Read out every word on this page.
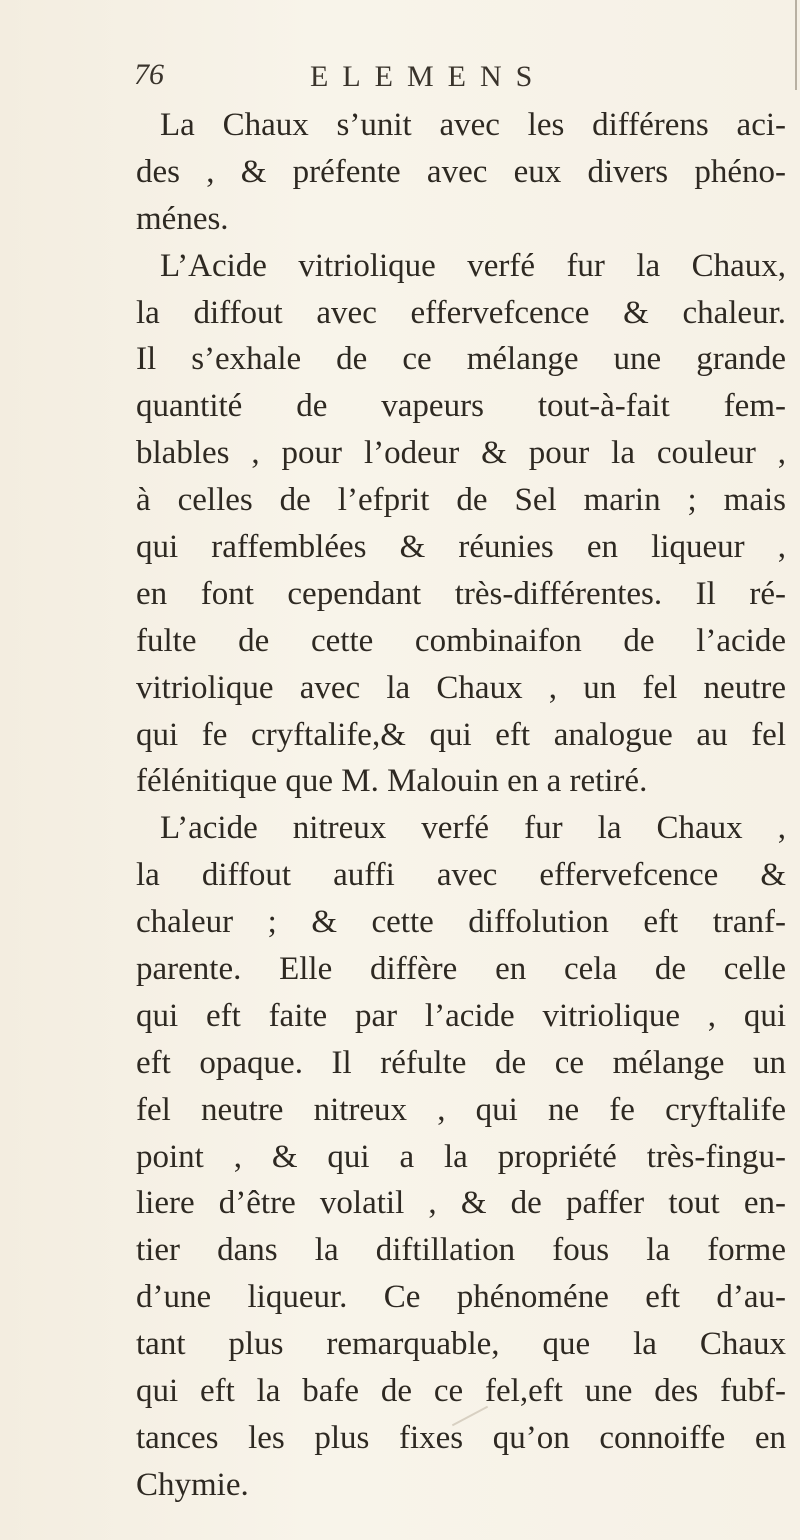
76	ELEMENS
La Chaux s’unit avec les différens aci-
des , & préfente avec eux divers phéno-
ménes.
L’Acide vitriolique verfé fur la Chaux,
la diffout avec effervefcence & chaleur.
Il s’exhale de ce mélange une grande
quantité de vapeurs tout-à-fait fem-
blables , pour l’odeur & pour la couleur ,
à celles de l’efprit de Sel marin ; mais
qui raffemblées & réunies en liqueur ,
en font cependant très-différentes. Il ré-
fulte de cette combinaifon de l’acide
vitriolique avec la Chaux , un fel neutre
qui fe cryftalife,& qui eft analogue au fel
félénitique que M. Malouin en a retiré.
L’acide nitreux verfé fur la Chaux ,
la diffout auffi avec effervefcence &
chaleur ; & cette diffolution eft tranf-
parente. Elle diffère en cela de celle
qui eft faite par l’acide vitriolique , qui
eft opaque. Il réfulte de ce mélange un
fel neutre nitreux , qui ne fe cryftalife
point , & qui a la propriété très-fingu-
liere d’être volatil , & de paffer tout en-
tier dans la diftillation fous la forme
d’une liqueur. Ce phénoméne eft d’au-
tant plus remarquable, que la Chaux
qui eft la bafe de ce fel,eft une des fubf-
tances les plus fixes qu’on connoiffe en
Chymie.
